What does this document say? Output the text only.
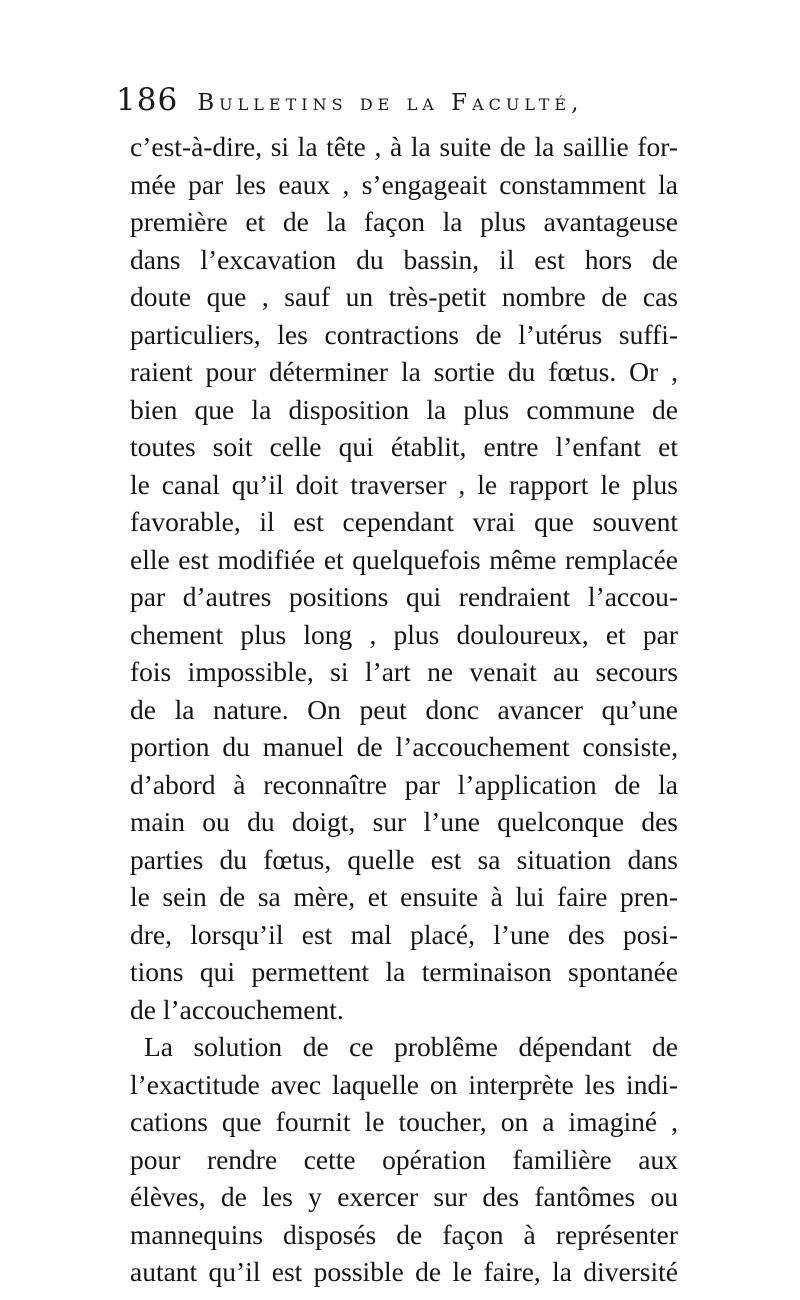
186 Bulletins de la Faculté,
c’est-à-dire, si la tête , à la suite de la saillie for-
mée par les eaux , s’engageait constamment la
première et de la façon la plus avantageuse
dans l’excavation du bassin, il est hors de
doute que , sauf un très-petit nombre de cas
particuliers, les contractions de l’utérus suffi-
raient pour déterminer la sortie du fœtus. Or ,
bien que la disposition la plus commune de
toutes soit celle qui établit, entre l’enfant et
le canal qu’il doit traverser , le rapport le plus
favorable, il est cependant vrai que souvent
elle est modifiée et quelquefois même remplacée
par d’autres positions qui rendraient l’accou-
chement plus long , plus douloureux, et par
fois impossible, si l’art ne venait au secours
de la nature. On peut donc avancer qu’une
portion du manuel de l’accouchement consiste,
d’abord à reconnaître par l’application de la
main ou du doigt, sur l’une quelconque des
parties du fœtus, quelle est sa situation dans
le sein de sa mère, et ensuite à lui faire pren-
dre, lorsqu’il est mal placé, l’une des posi-
tions qui permettent la terminaison spontanée
de l’accouchement.
La solution de ce problême dépendant de
l’exactitude avec laquelle on interprète les indi-
cations que fournit le toucher, on a imaginé ,
pour rendre cette opération familière aux
élèves, de les y exercer sur des fantômes ou
mannequins disposés de façon à représenter
autant qu’il est possible de le faire, la diversité
